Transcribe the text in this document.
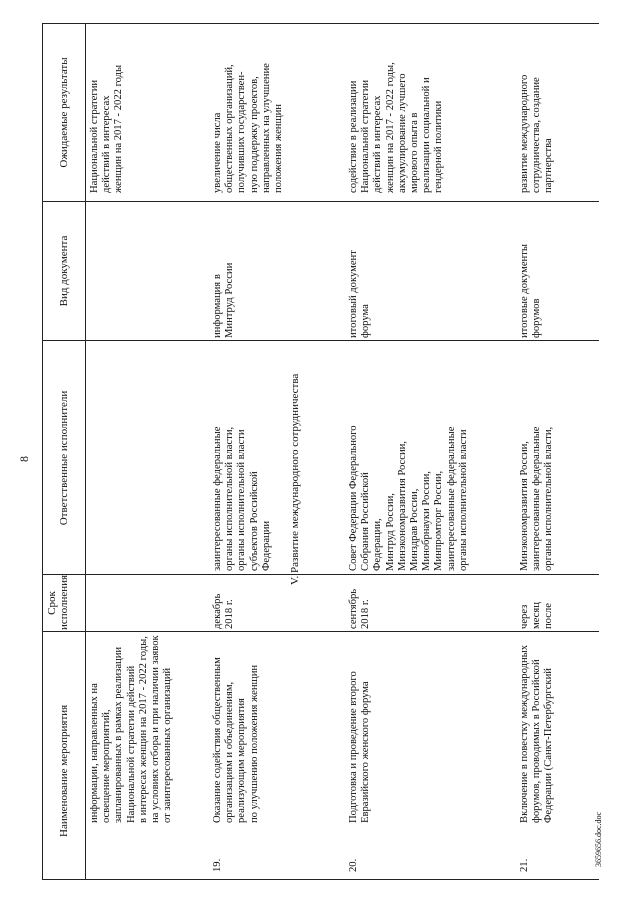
8
3659656.doc.doc
Наименование мероприятия
Срок исполнения
Ответственные исполнители
Вид документа
Ожидаемые результаты
информации, направленных на освещение мероприятий, запланированных в рамках реализации Национальной стратегии действий в интересах женщин на 2017 - 2022 годы, на условиях отбора и при наличии заявок от заинтересованных организаций
Национальной стратегии действий в интересах женщин на 2017 - 2022 годы
19.
Оказание содействия общественным организациям и объединениям, реализующим мероприятия по улучшению положения женщин
декабрь 2018 г.
заинтересованные федеральные органы исполнительной власти, органы исполнительной власти субъектов Российской Федерации
информация в Минтруд России
увеличение числа общественных организаций, получивших государствен- ную поддержку проектов, направленных на улучшение положения женщин
V. Развитие международного сотрудничества
20.
Подготовка и проведение второго Евразийского женского форума
сентябрь 2018 г.
Совет Федерации Федерального Собрания Российской Федерации, Минтруд России, Минэкономразвития России, Минздрав России, Минобрнауки России, Минпромторг России, заинтересованные федеральные органы исполнительной власти
итоговый документ форума
содействие в реализации Национальной стратегии действий в интересах женщин на 2017 - 2022 годы, аккумулирование лучшего мирового опыта в реализации социальной и гендерной политики
21.
Включение в повестку международных форумов, проводимых в Российской Федерации (Санкт-Петербургский
через месяц после
Минэкономразвития России, заинтересованные федеральные органы исполнительной власти,
итоговые документы форумов
развитие международного сотрудничества, создание партнерства
